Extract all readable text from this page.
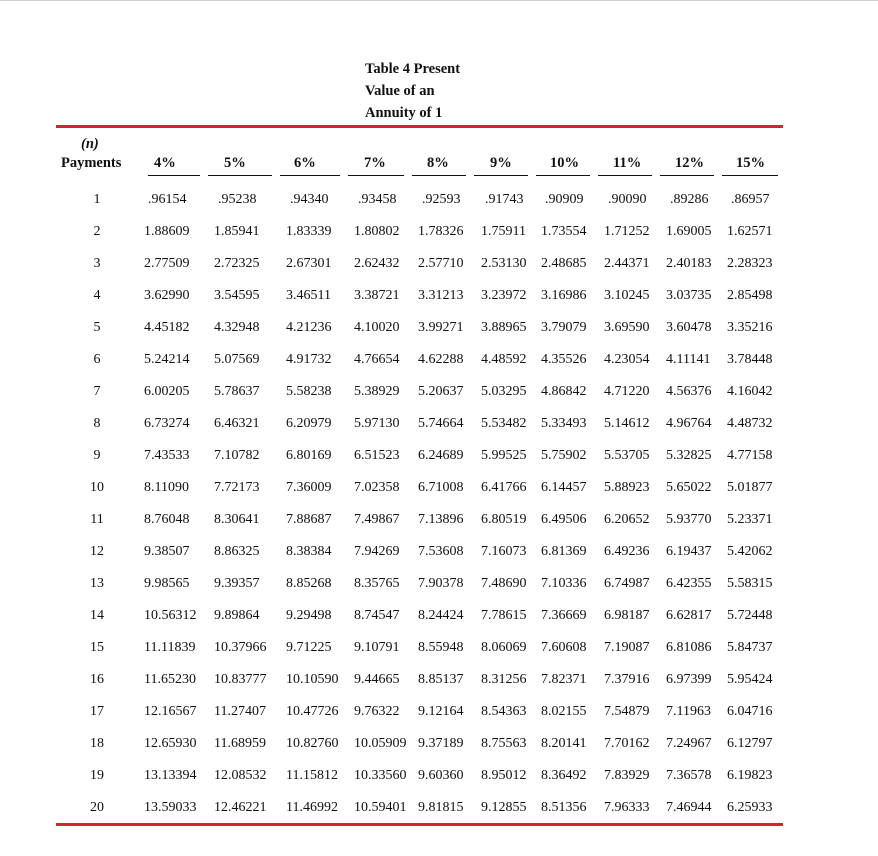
Table 4 Present
Value of an
Annuity of 1
(n)
Payments 4%	5%	6%	7%	8%	9%	10% 11% 12% 15%
1	.96154 .95238 .94340 .93458 .92593 .91743 .90909 .90090 .89286 .86957
2	1.88609 1.85941 1.83339 1.80802 1.78326 1.75911 1.73554 1.71252 1.69005 1.62571
3	2.77509 2.72325 2.67301 2.62432 2.57710 2.53130 2.48685 2.44371 2.40183 2.28323
4	3.62990 3.54595 3.46511 3.38721 3.31213 3.23972 3.16986 3.10245 3.03735 2.85498
5	4.45182 4.32948 4.21236 4.10020 3.99271 3.88965 3.79079 3.69590 3.60478 3.35216
6	5.24214 5.07569 4.91732 4.76654 4.62288 4.48592 4.35526 4.23054 4.11141 3.78448
7	6.00205 5.78637 5.58238 5.38929 5.20637 5.03295 4.86842 4.71220 4.56376 4.16042
8	6.73274 6.46321 6.20979 5.97130 5.74664 5.53482 5.33493 5.14612 4.96764 4.48732
9	7.43533 7.10782 6.80169 6.51523 6.24689 5.99525 5.75902 5.53705 5.32825 4.77158
10	8.11090 7.72173 7.36009 7.02358 6.71008 6.41766 6.14457 5.88923 5.65022 5.01877
11	8.76048 8.30641 7.88687 7.49867 7.13896 6.80519 6.49506 6.20652 5.93770 5.23371
12	9.38507 8.86325 8.38384 7.94269 7.53608 7.16073 6.81369 6.49236 6.19437 5.42062
13	9.98565 9.39357 8.85268 8.35765 7.90378 7.48690 7.10336 6.74987 6.42355 5.58315
14	10.56312 9.89864 9.29498 8.74547 8.24424 7.78615 7.36669 6.98187 6.62817 5.72448
15	11.11839 10.37966 9.71225 9.10791 8.55948 8.06069 7.60608 7.19087 6.81086 5.84737
16	11.65230 10.83777 10.10590 9.44665 8.85137 8.31256 7.82371 7.37916 6.97399 5.95424
17	12.16567 11.27407 10.47726 9.76322 9.12164 8.54363 8.02155 7.54879 7.11963 6.04716
18	12.65930 11.68959 10.82760 10.05909 9.37189 8.75563 8.20141 7.70162 7.24967 6.12797
19	13.13394 12.08532 11.15812 10.33560 9.60360 8.95012 8.36492 7.83929 7.36578 6.19823
20	13.59033 12.46221 11.46992 10.59401 9.81815 9.12855 8.51356 7.96333 7.46944 6.25933
